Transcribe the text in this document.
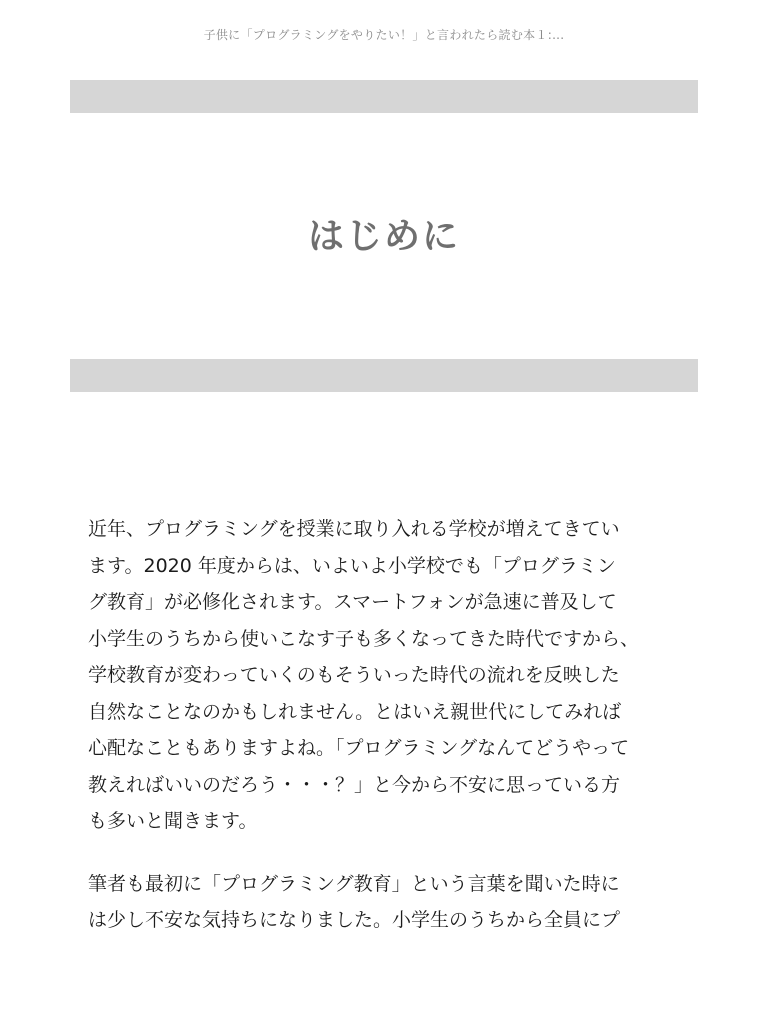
子供に「プログラミングをやりたい！」と言われたら読む本１:...
はじめに

近年、プログラミングを授業に取り入れる学校が増えてきてい
ます。2020 年度からは、いよいよ小学校でも「プログラミン
グ教育」が必修化されます。スマートフォンが急速に普及して
小学生のうちから使いこなす子も多くなってきた時代ですから、
学校教育が変わっていくのもそういった時代の流れを反映した
自然なことなのかもしれません。とはいえ親世代にしてみれば
心配なこともありますよね。「プログラミングなんてどうやって
教えればいいのだろう・・・？」と今から不安に思っている方
も多いと聞きます。

筆者も最初に「プログラミング教育」という言葉を聞いた時に
は少し不安な気持ちになりました。小学生のうちから全員にプ
